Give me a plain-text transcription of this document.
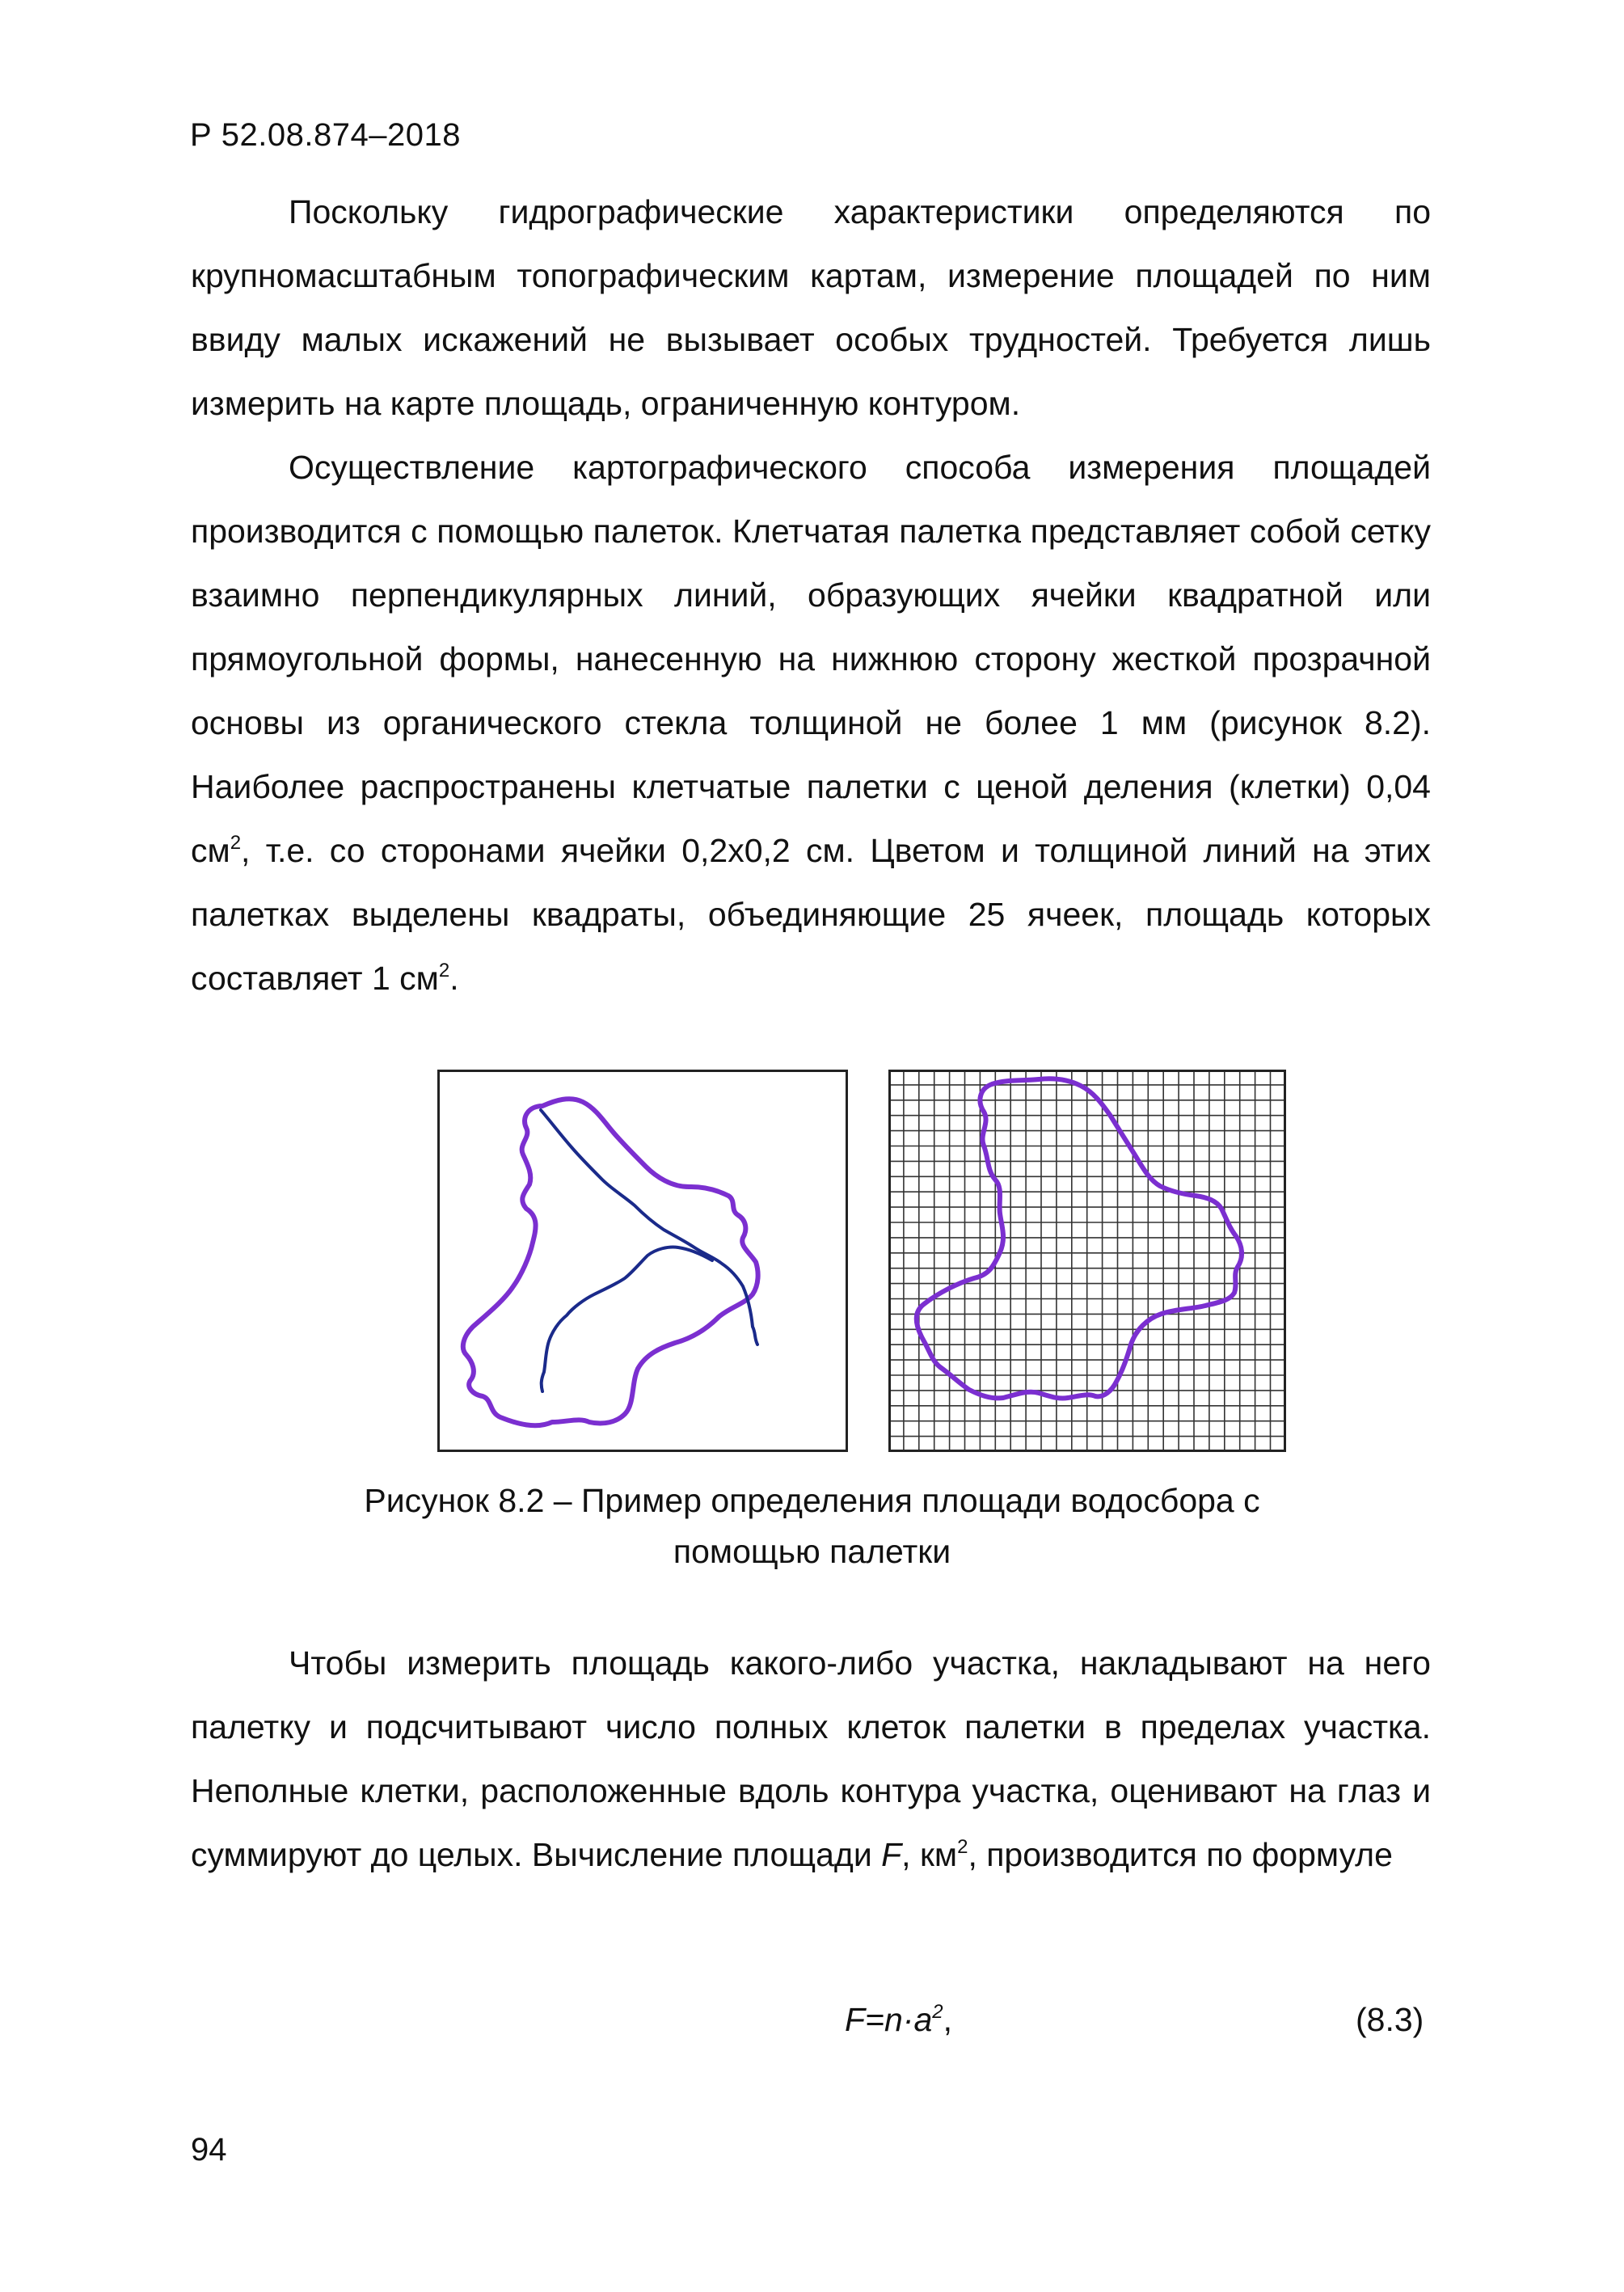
Р 52.08.874–2018

Поскольку гидрографические характеристики определяются по крупномасштабным топографическим картам, измерение площадей по ним ввиду малых искажений не вызывает особых трудностей. Требуется лишь измерить на карте площадь, ограниченную контуром.

Осуществление картографического способа измерения площадей производится с помощью палеток. Клетчатая палетка представляет собой сетку взаимно перпендикулярных линий, образующих ячейки квадратной или прямоугольной формы, нанесенную на нижнюю сторону жесткой прозрачной основы из органического стекла толщиной не более 1 мм (рисунок 8.2). Наиболее распространены клетчатые палетки с ценой деления (клетки) 0,04 $см^2$, т.е. со сторонами ячейки 0,2х0,2 см. Цветом и толщиной линий на этих палетках выделены квадраты, объединяющие 25 ячеек, площадь которых составляет 1 $см^2$.

Рисунок 8.2 – Пример определения площади водосбора с
помощью палетки

Чтобы измерить площадь какого-либо участка, накладывают на него палетку и подсчитывают число полных клеток палетки в пределах участка. Неполные клетки, расположенные вдоль контура участка, оценивают на глаз и суммируют до целых. Вычисление площади F, $км^2$, производится по формуле

$F=n\cdot a^2$,	(8.3)
94
